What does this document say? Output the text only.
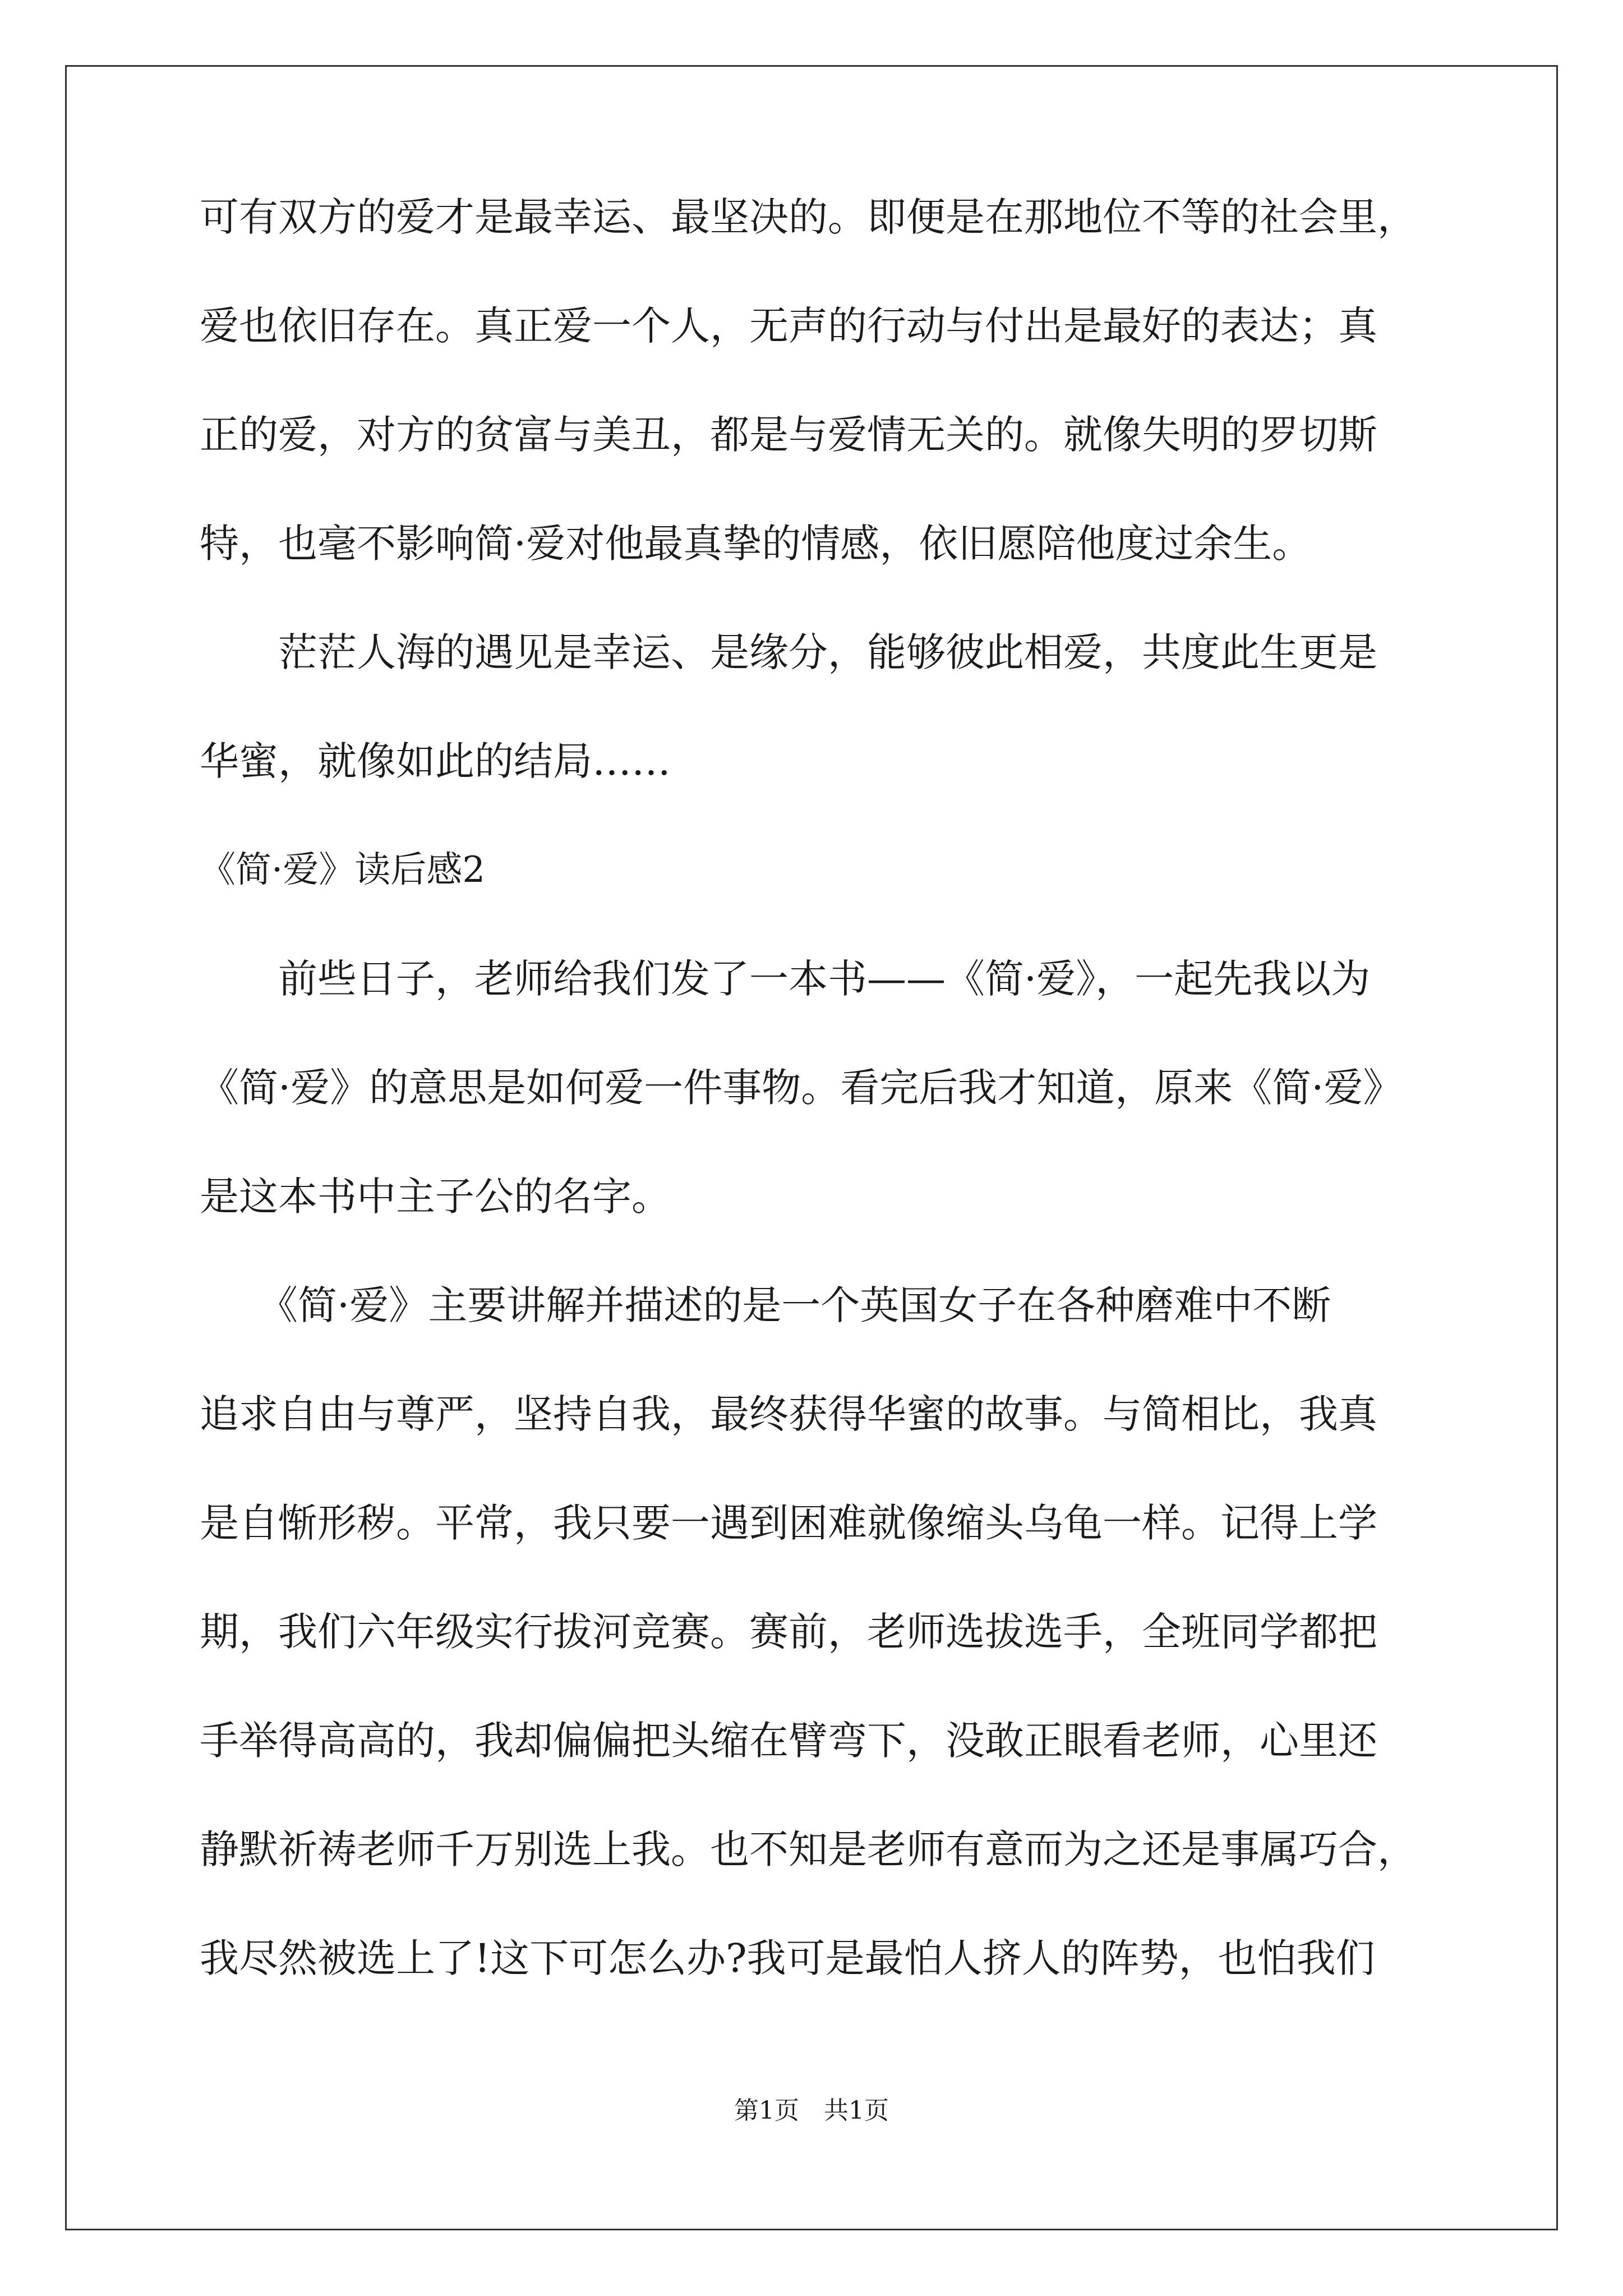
可有双方的爱才是最幸运、最坚决的。即便是在那地位不等的社会里，
爱也依旧存在。真正爱一个人，无声的行动与付出是最好的表达；真
正的爱，对方的贫富与美丑，都是与爱情无关的。就像失明的罗切斯
特，也毫不影响简·爱对他最真挚的情感，依旧愿陪他度过余生。
　　茫茫人海的遇见是幸运、是缘分，能够彼此相爱，共度此生更是
华蜜，就像如此的结局……
《简·爱》读后感2
　　前些日子，老师给我们发了一本书——《简·爱》，一起先我以为
《简·爱》的意思是如何爱一件事物。看完后我才知道，原来《简·爱》
是这本书中主子公的名字。
　　《简·爱》主要讲解并描述的是一个英国女子在各种磨难中不断
追求自由与尊严，坚持自我，最终获得华蜜的故事。与简相比，我真
是自惭形秽。平常，我只要一遇到困难就像缩头乌龟一样。记得上学
期，我们六年级实行拔河竞赛。赛前，老师选拔选手，全班同学都把
手举得高高的，我却偏偏把头缩在臂弯下，没敢正眼看老师，心里还
静默祈祷老师千万别选上我。也不知是老师有意而为之还是事属巧合，
我尽然被选上了!这下可怎么办?我可是最怕人挤人的阵势，也怕我们
第1页　共1页
